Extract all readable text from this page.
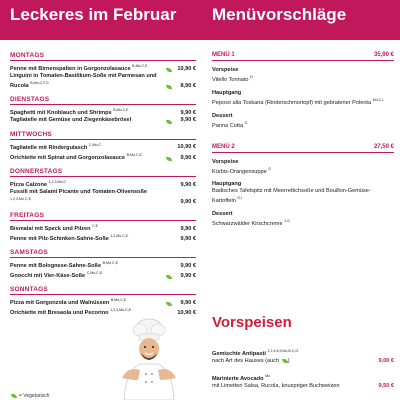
Leckeres im Februar Menüvorschläge
MONTAGS
Penne mit Birnenspalten in Gorgonzolasauce $^{B,Mo,C,E}$	10,90 €
Linguini in Tomaten-Basilikum-Soße mit Parmesan und Rucola $^{B,Mo,C,F,G}$	8,90 €
DIENSTAGS
Spaghetti mit Knoblauch und Shrimps $^{B,Mo,C,E}$	9,90 €
Tagliatelle mit Gemüse und Ziegenkäsebrösel	9,90 €
MITTWOCHS
Tagliatelle mit Rindergulasch $^{C,Mo,C}$	10,90 €
Orichiette mit Spinat und Gorgonzolasauce $^{B,Mo,C,E}$	9,90 €
DONNERSTAGS
Pizza Calzone $^{1,2,3,Mo,C}$	9,90 €
Fussili mit Salami Picante und Tomaten-Olivensoße $^{1,2,3,Mo,C,E}$	9,90 €
FREITAGS
Bismalai mit Speck und Pilzen $^{C,E}$	9,90 €
Penne mit Pilz-Schinken-Sahne-Soße $^{1,2,Mo,C,E}$	9,90 €
SAMSTAGS
Penne mit Bolognese-Sahne-Soße $^{B,Mo,C,E}$	9,90 €
Gnocchi mit Vier-Käse-Soße $^{C,Mo,C,E}$	9,90 €
SONNTAGS
Pizza mit Gorgonzola und Walnüssen $^{B,Mo,C,E}$	9,90 €
Orichiette mit Bresaola und Pecorino $^{1,2,3,Mo,C,E}$	10,90 €
MENÜ 1	35,90 €
Vorspeise
Vitello Tonnato $^D$
Hauptgang
Peposo alla Toskana (Rinderschmortopf) mit gebratener Polenta $^{Mo,C,L}$
Dessert
Panna Cotta $^G$
MENÜ 2	27,50 €
Vorspeise
Kürbis-Orangensuppe $^G$
Hauptgang
Badisches Tafelspitz mit Meerrettichsoße und Bouillon-Gemüse-Kartoffeln $^{G,I}$
Dessert
Schwarzwälder Kirschcreme $^{1,G}$
Vorspeisen
Gemischte Antipasti $^{1,2,4,6,9,Mo,B,C,G}$
nach Art des Hauses (auch )	9,00 €
Marinierte Avocado $^{Mo}$
mit Limetten Salsa, Rucola, knuspriger Buchweizen	9,50 €
= Vegetarisch
